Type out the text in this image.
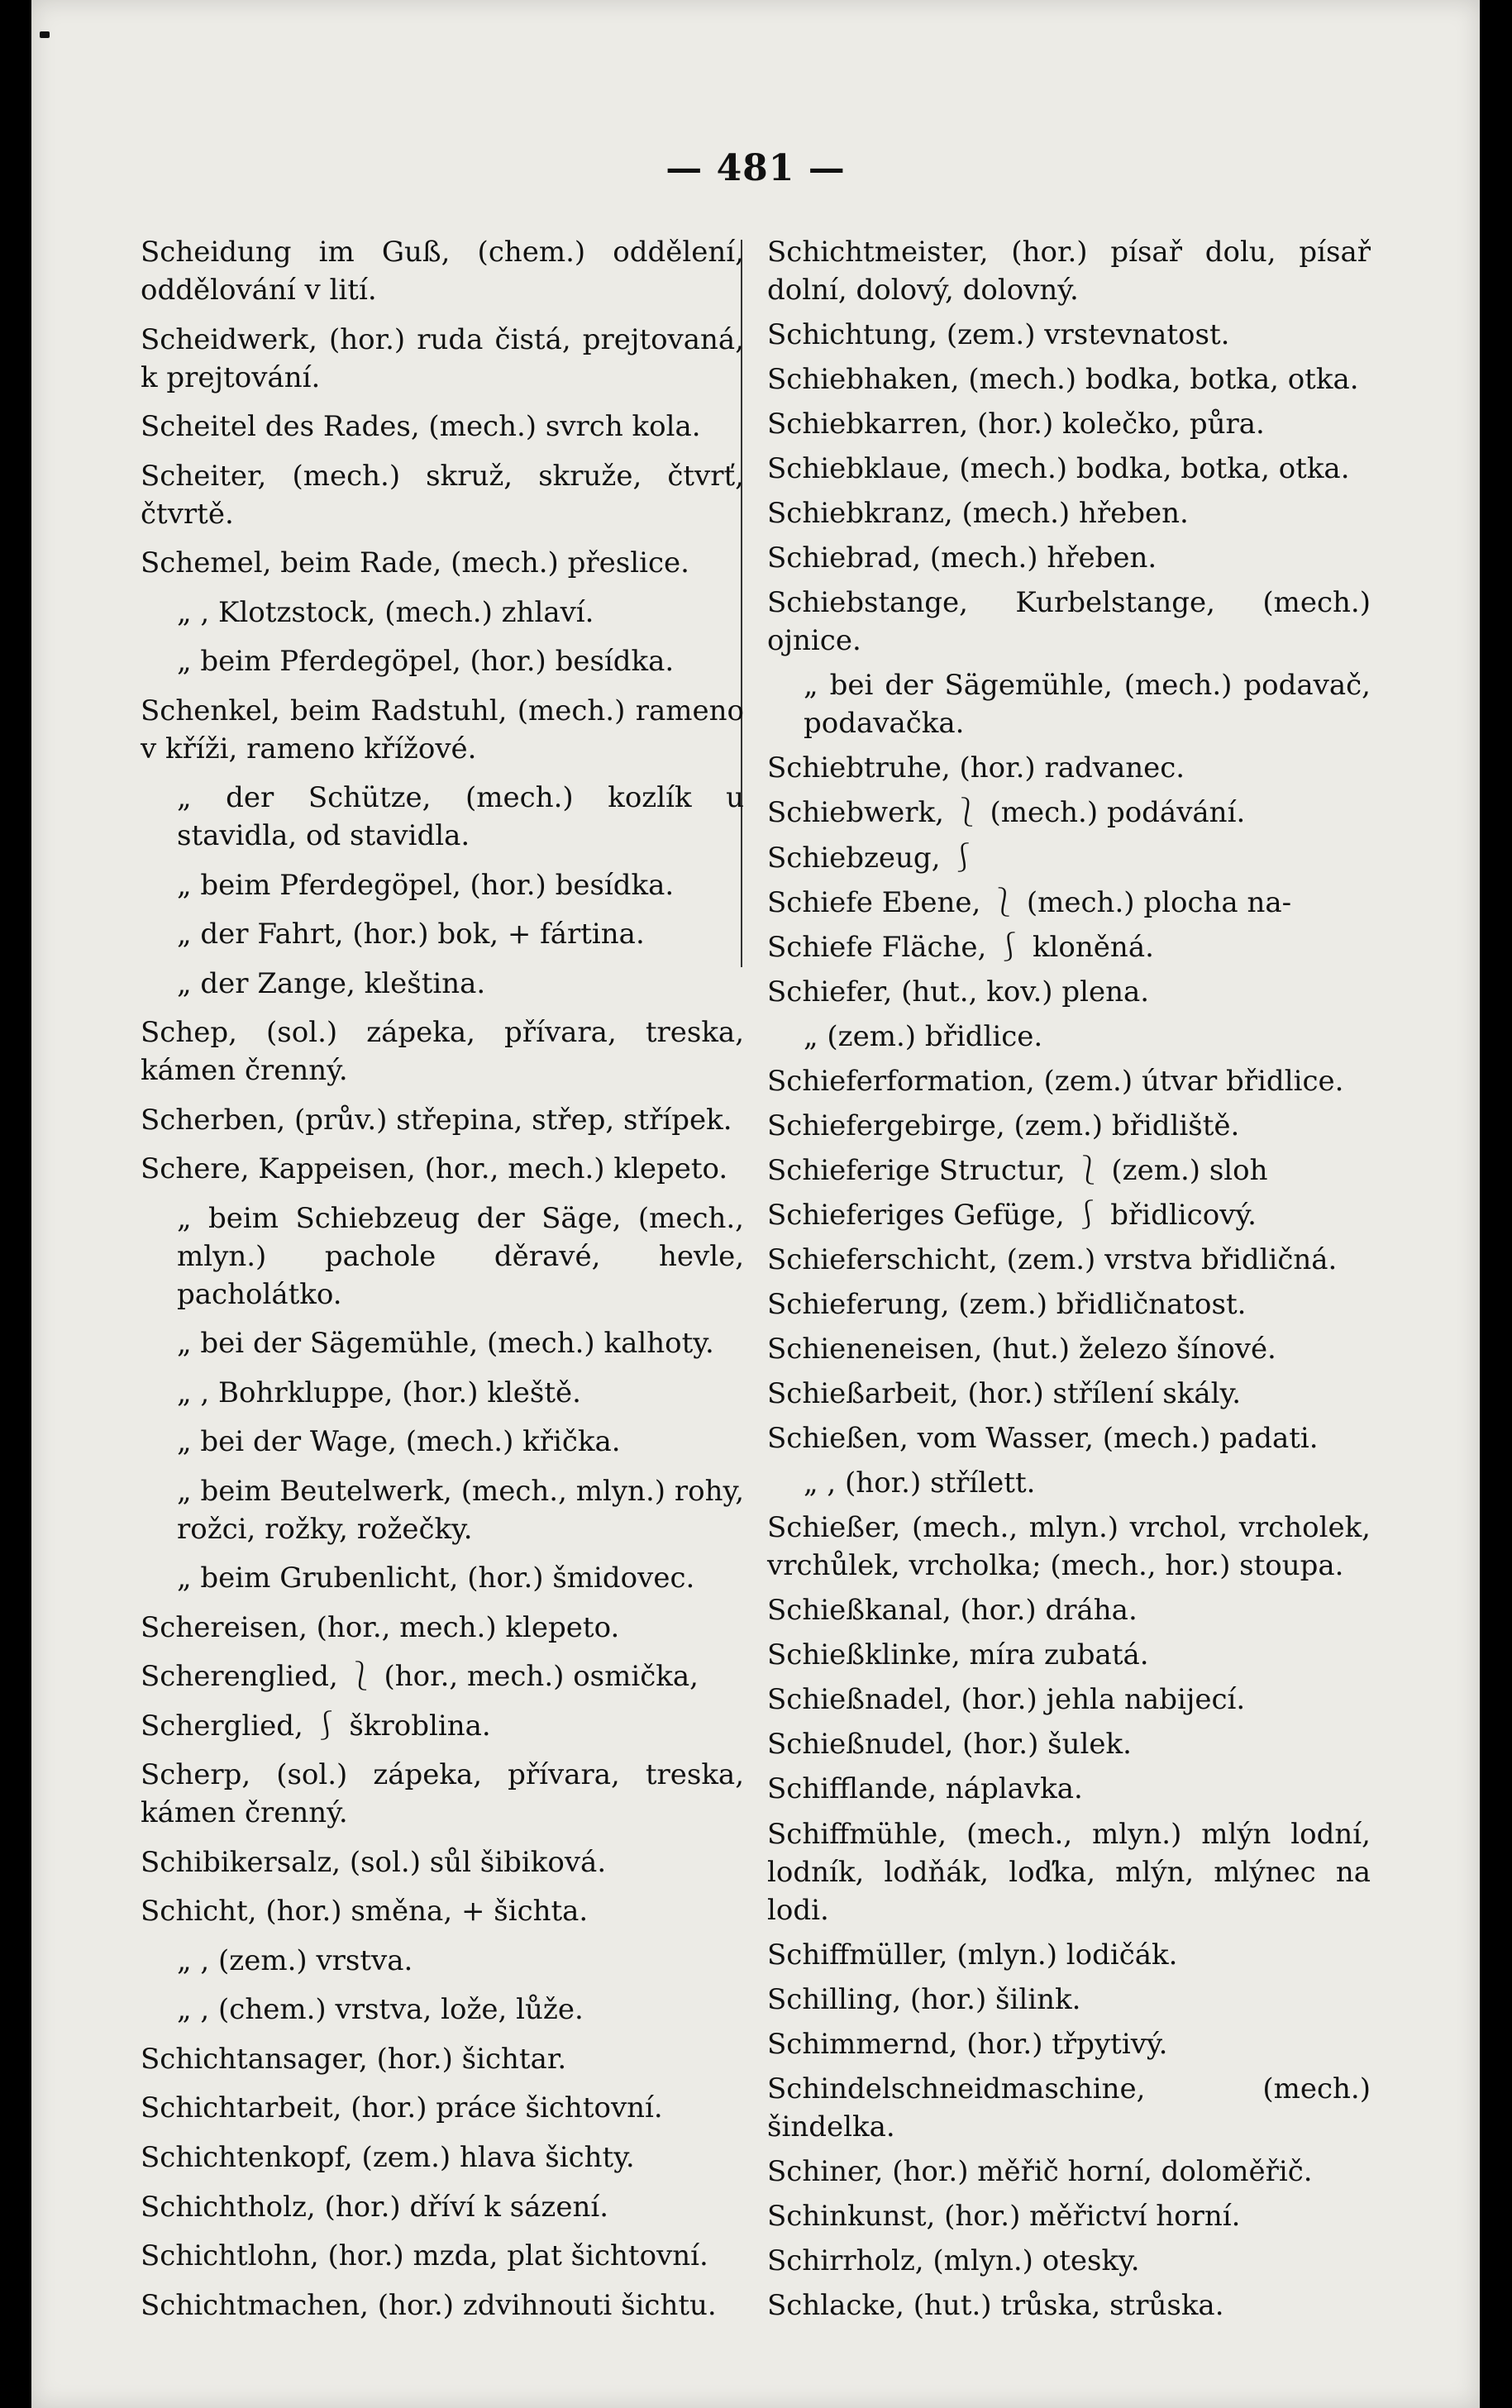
— 481 —

Scheidung im Guß, (chem.) oddělení, oddělování v lití.

Scheidwerk, (hor.) ruda čistá, prejtovaná, k prejtování.

Scheitel des Rades, (mech.) svrch kola.

Scheiter, (mech.) skruž, skruže, čtvrť, čtvrtě.

Schemel, beim Rade, (mech.) přeslice.

„ , Klotzstock, (mech.) zhlaví.

„ beim Pferdegöpel, (hor.) besídka.

Schenkel, beim Radstuhl, (mech.) rameno v kříži, rameno křížové.

„ der Schütze, (mech.) kozlík u stavidla, od stavidla.

„ beim Pferdegöpel, (hor.) besídka.

„ der Fahrt, (hor.) bok, + fártina.

„ der Zange, kleština.

Schep, (sol.) zápeka, přívara, treska, kámen črenný.

Scherben, (prův.) střepina, střep, střípek.

Schere, Kappeisen, (hor., mech.) klepeto.

„ beim Schiebzeug der Säge, (mech., mlyn.) pachole děravé, hevle, pacholátko.

„ bei der Sägemühle, (mech.) kalhoty.

„ , Bohrkluppe, (hor.) kleště.

„ bei der Wage, (mech.) křička.

„ beim Beutelwerk, (mech., mlyn.) rohy, rožci, rožky, rožečky.

„ beim Grubenlicht, (hor.) šmidovec.

Schereisen, (hor., mech.) klepeto.

Scherenglied, ⎱ (hor., mech.) osmička,

Scherglied, ⎰ škroblina.

Scherp, (sol.) zápeka, přívara, treska, kámen črenný.

Schibikersalz, (sol.) sůl šibiková.

Schicht, (hor.) směna, + šichta.

„ , (zem.) vrstva.

„ , (chem.) vrstva, lože, lůže.

Schichtansager, (hor.) šichtar.

Schichtarbeit, (hor.) práce šichtovní.

Schichtenkopf, (zem.) hlava šichty.

Schichtholz, (hor.) dříví k sázení.

Schichtlohn, (hor.) mzda, plat šichtovní.

Schichtmachen, (hor.) zdvihnouti šichtu.

Schichtmeister, (hor.) písař dolu, písař dolní, dolový, dolovný.

Schichtung, (zem.) vrstevnatost.

Schiebhaken, (mech.) bodka, botka, otka.

Schiebkarren, (hor.) kolečko, půra.

Schiebklaue, (mech.) bodka, botka, otka.

Schiebkranz, (mech.) hřeben.

Schiebrad, (mech.) hřeben.

Schiebstange, Kurbelstange, (mech.) ojnice.

„ bei der Sägemühle, (mech.) podavač, podavačka.

Schiebtruhe, (hor.) radvanec.

Schiebwerk, ⎱ (mech.) podávání.

Schiebzeug, ⎰

Schiefe Ebene, ⎱ (mech.) plocha na-

Schiefe Fläche, ⎰ kloněná.

Schiefer, (hut., kov.) plena.

„ (zem.) břidlice.

Schieferformation, (zem.) útvar břidlice.

Schiefergebirge, (zem.) břidliště.

Schieferige Structur, ⎱ (zem.) sloh

Schieferiges Gefüge, ⎰ břidlicový.

Schieferschicht, (zem.) vrstva břidličná.

Schieferung, (zem.) břidličnatost.

Schieneneisen, (hut.) železo šínové.

Schießarbeit, (hor.) střílení skály.

Schießen, vom Wasser, (mech.) padati.

„ , (hor.) střílett.

Schießer, (mech., mlyn.) vrchol, vrcholek, vrchůlek, vrcholka; (mech., hor.) stoupa.

Schießkanal, (hor.) dráha.

Schießklinke, míra zubatá.

Schießnadel, (hor.) jehla nabijecí.

Schießnudel, (hor.) šulek.

Schifflande, náplavka.

Schiffmühle, (mech., mlyn.) mlýn lodní, lodník, lodňák, loďka, mlýn, mlýnec na lodi.

Schiffmüller, (mlyn.) lodičák.

Schilling, (hor.) šilink.

Schimmernd, (hor.) třpytivý.

Schindelschneidmaschine, (mech.) šindelka.

Schiner, (hor.) měřič horní, doloměřič.

Schinkunst, (hor.) měřictví horní.

Schirrholz, (mlyn.) otesky.

Schlacke, (hut.) trůska, strůska.
